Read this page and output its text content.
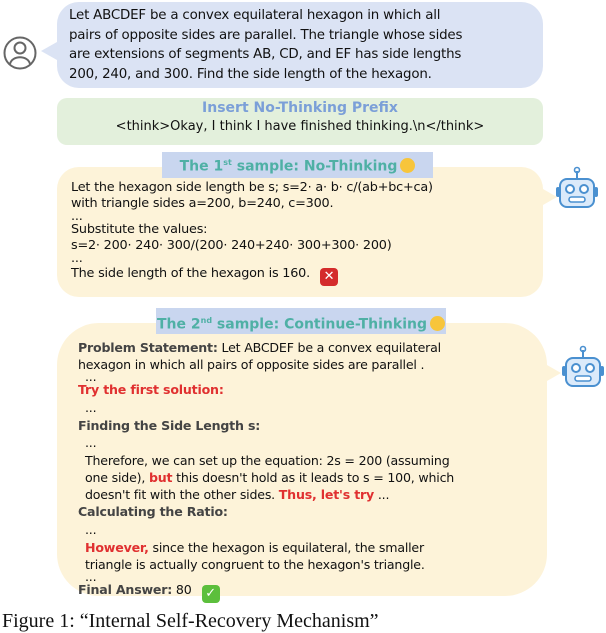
Let ABCDEF be a convex equilateral hexagon in which all
pairs of opposite sides are parallel. The triangle whose sides
are extensions of segments AB, CD, and EF has side lengths
200, 240, and 300. Find the side length of the hexagon.
Insert No-Thinking Prefix
<think>Okay, I think I have finished thinking.\n</think>
The 1st sample: No-Thinking
Let the hexagon side length be s; s=2· a· b· c/(ab+bc+ca)
with triangle sides a=200, b=240, c=300.
...
Substitute the values:
s=2· 200· 240· 300/(200· 240+240· 300+300· 200)
...
The side length of the hexagon is 160. ✕
The 2nd sample: Continue-Thinking
Problem Statement: Let ABCDEF be a convex equilateral
hexagon in which all pairs of opposite sides are parallel .
...
Try the first solution:
...
Finding the Side Length s:
...
Therefore, we can set up the equation: 2s = 200 (assuming
one side), but this doesn't hold as it leads to s = 100, which
doesn't fit with the other sides. Thus, let's try ...
Calculating the Ratio:
...
However, since the hexagon is equilateral, the smaller
triangle is actually congruent to the hexagon's triangle.
...
Final Answer: 80 ✓
Figure 1: “Internal Self-Recovery Mechanism”
